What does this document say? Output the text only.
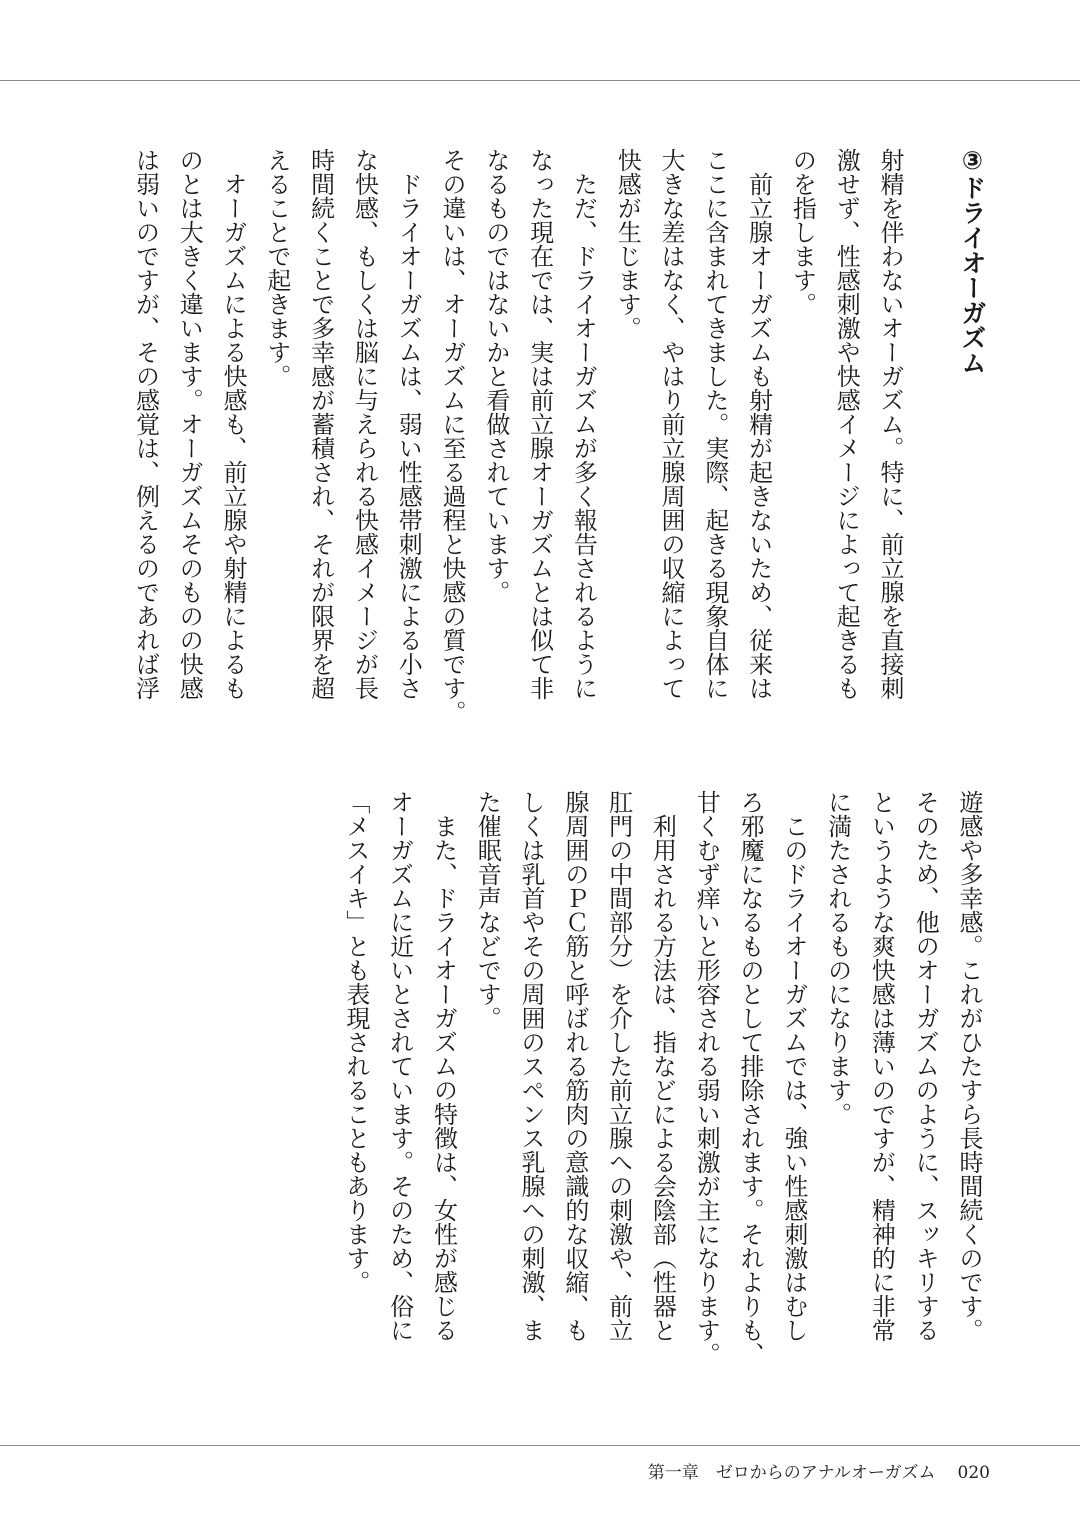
③ドライオーガズム
射精を伴わないオーガズム。特に、前立腺を直接刺
激せず、性感刺激や快感イメージによって起きるも
のを指します。
　前立腺オーガズムも射精が起きないため、従来は
ここに含まれてきました。実際、起きる現象自体に
大きな差はなく、やはり前立腺周囲の収縮によって
快感が生じます。
　ただ、ドライオーガズムが多く報告されるように
なった現在では、実は前立腺オーガズムとは似て非
なるものではないかと看做されています。
その違いは、オーガズムに至る過程と快感の質です。
　ドライオーガズムは、弱い性感帯刺激による小さ
な快感、もしくは脳に与えられる快感イメージが長
時間続くことで多幸感が蓄積され、それが限界を超
えることで起きます。
　オーガズムによる快感も、前立腺や射精によるも
のとは大きく違います。オーガズムそのものの快感
は弱いのですが、その感覚は、例えるのであれば浮
遊感や多幸感。これがひたすら長時間続くのです。
そのため、他のオーガズムのように、スッキリする
というような爽快感は薄いのですが、精神的に非常
に満たされるものになります。
　このドライオーガズムでは、強い性感刺激はむし
ろ邪魔になるものとして排除されます。それよりも、
甘くむず痒いと形容される弱い刺激が主になります。
　利用される方法は、指などによる会陰部（性器と
肛門の中間部分）を介した前立腺への刺激や、前立
腺周囲のＰＣ筋と呼ばれる筋肉の意識的な収縮、も
しくは乳首やその周囲のスペンス乳腺への刺激、ま
た催眠音声などです。
　また、ドライオーガズムの特徴は、女性が感じる
オーガズムに近いとされています。そのため、俗に
「メスイキ」とも表現されることもあります。
第一章　ゼロからのアナルオーガズム 020
